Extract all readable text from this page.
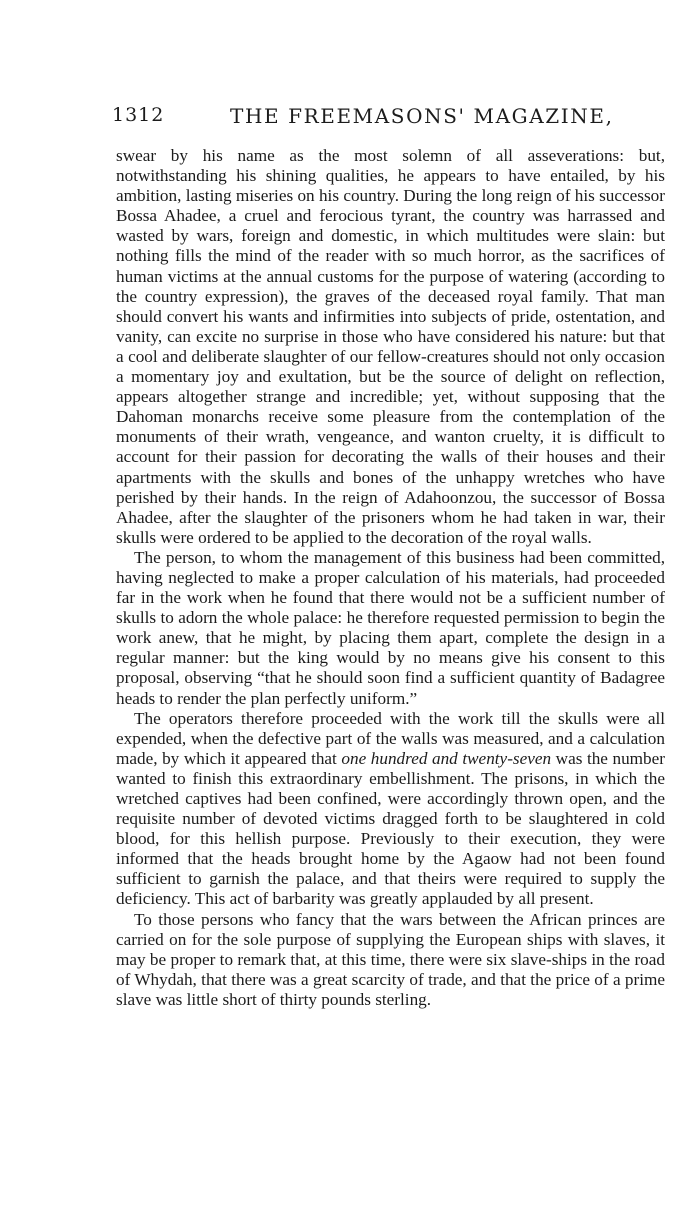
1312	THE FREEMASONS' MAGAZINE,

swear by his name as the most solemn of all asseverations: but, notwithstanding his shining qualities, he appears to have entailed, by his ambition, lasting miseries on his country. During the long reign of his successor Bossa Ahadee, a cruel and ferocious tyrant, the country was harrassed and wasted by wars, foreign and domestic, in which multitudes were slain: but nothing fills the mind of the reader with so much horror, as the sacrifices of human victims at the annual customs for the purpose of watering (according to the country expression), the graves of the deceased royal family. That man should convert his wants and infirmities into subjects of pride, ostentation, and vanity, can excite no surprise in those who have considered his nature: but that a cool and deliberate slaughter of our fellow-creatures should not only occasion a momentary joy and exultation, but be the source of delight on reflection, appears altogether strange and incredible; yet, without supposing that the Dahoman monarchs receive some pleasure from the contemplation of the monuments of their wrath, vengeance, and wanton cruelty, it is difficult to account for their passion for decorating the walls of their houses and their apartments with the skulls and bones of the unhappy wretches who have perished by their hands. In the reign of Adahoonzou, the successor of Bossa Ahadee, after the slaughter of the prisoners whom he had taken in war, their skulls were ordered to be applied to the decoration of the royal walls.

The person, to whom the management of this business had been committed, having neglected to make a proper calculation of his materials, had proceeded far in the work when he found that there would not be a sufficient number of skulls to adorn the whole palace: he therefore requested permission to begin the work anew, that he might, by placing them apart, complete the design in a regular manner: but the king would by no means give his consent to this proposal, observing “that he should soon find a sufficient quantity of Badagree heads to render the plan perfectly uniform.”

The operators therefore proceeded with the work till the skulls were all expended, when the defective part of the walls was measured, and a calculation made, by which it appeared that one hundred and twenty-seven was the number wanted to finish this extraordinary embellishment. The prisons, in which the wretched captives had been confined, were accordingly thrown open, and the requisite number of devoted victims dragged forth to be slaughtered in cold blood, for this hellish purpose. Previously to their execution, they were informed that the heads brought home by the Agaow had not been found sufficient to garnish the palace, and that theirs were required to supply the deficiency. This act of barbarity was greatly applauded by all present.

To those persons who fancy that the wars between the African princes are carried on for the sole purpose of supplying the European ships with slaves, it may be proper to remark that, at this time, there were six slave-ships in the road of Whydah, that there was a great scarcity of trade, and that the price of a prime slave was little short of thirty pounds sterling.
